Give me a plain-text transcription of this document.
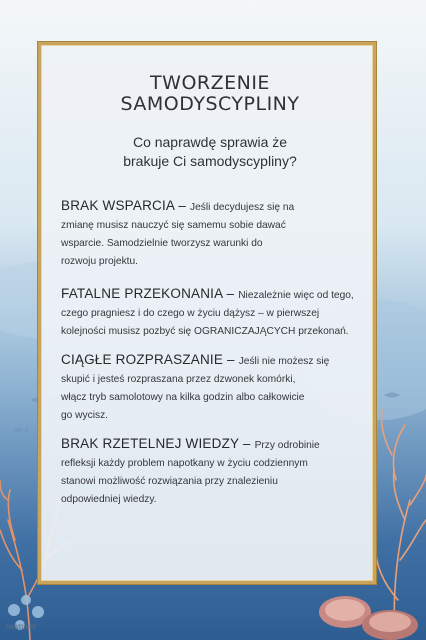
TWORZENIE
SAMODYSCYPLINY
Co naprawdę sprawia że
brakuje Ci samodyscypliny?
BRAK WSPARCIA – Jeśli decydujesz się na
zmianę musisz nauczyć się samemu sobie dawać
wsparcie. Samodzielnie tworzysz warunki do
rozwoju projektu.
FATALNE PRZEKONANIA – Niezależnie więc od tego,
czego pragniesz i do czego w życiu dążysz – w pierwszej
kolejności musisz pozbyć się OGRANICZAJĄCYCH przekonań.
CIĄGŁE ROZPRASZANIE – Jeśli nie możesz się
skupić i jesteś rozpraszana przez dzwonek komórki,
włącz tryb samolotowy na kilka godzin albo całkowicie
go wycisz.
BRAK RZETELNEJ WIEDZY – Przy odrobinie
refleksji każdy problem napotkany w życiu codziennym
stanowi możliwość rozwiązania przy znalezieniu
odpowiedniej wiedzy.
rawpixel
